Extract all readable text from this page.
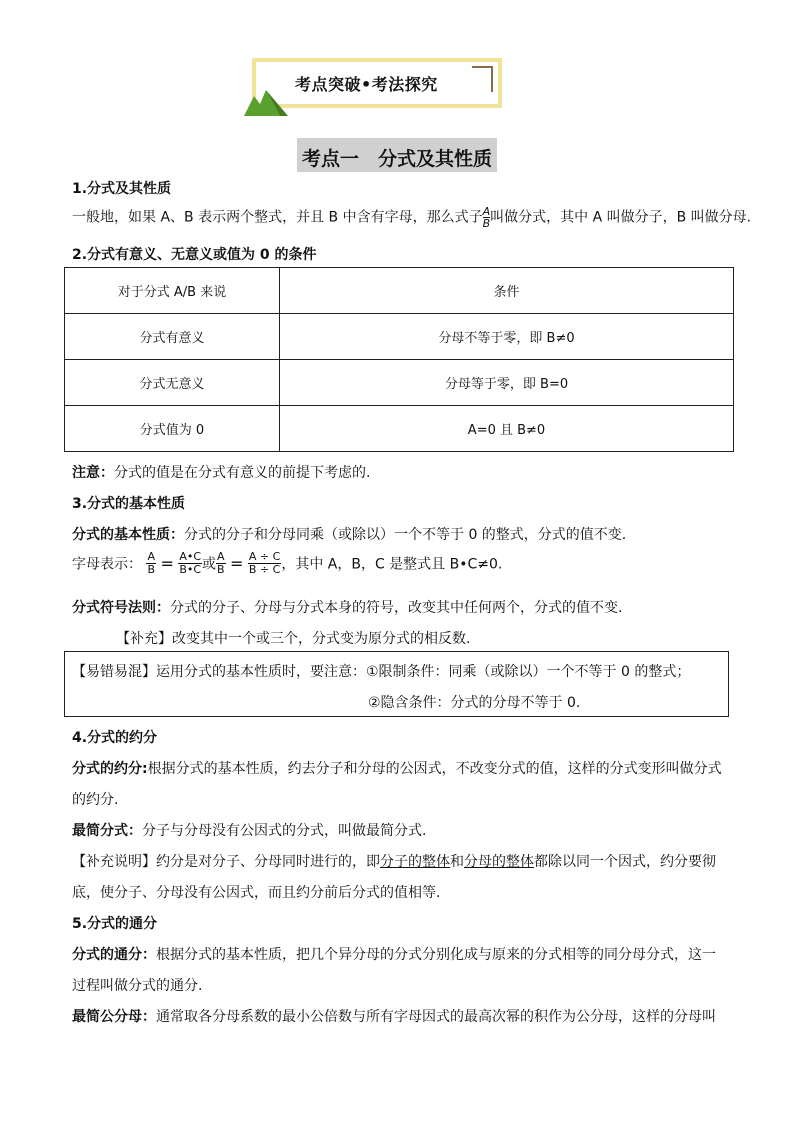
考点突破•考法探究
考点一　分式及其性质
1.分式及其性质
一般地，如果 A、B 表示两个整式，并且 B 中含有字母，那么式子 $\frac{A}{B}$ 叫做分式，其中 A 叫做分子，B 叫做分母.
2.分式有意义、无意义或值为 0 的条件
对于分式 A/B 来说	条件
分式有意义	分母不等于零，即 B≠0
分式无意义	分母等于零，即 B=0
分式值为 0	A=0 且 B≠0
注意：分式的值是在分式有意义的前提下考虑的.
3.分式的基本性质
分式的基本性质：分式的分子和分母同乘（或除以）一个不等于 0 的整式，分式的值不变.
字母表示： $\frac{A}{B} = \frac{A•C}{B•C}$ 或 $\frac{A}{B} = \frac{A \div C}{B \div C}$ ，其中 A，B，C 是整式且 B•C≠0.
分式符号法则：分式的分子、分母与分式本身的符号，改变其中任何两个，分式的值不变.
【补充】改变其中一个或三个，分式变为原分式的相反数.
【易错易混】运用分式的基本性质时，要注意：①限制条件：同乘（或除以）一个不等于 0 的整式；
②隐含条件：分式的分母不等于 0.
4.分式的约分
分式的约分:根据分式的基本性质，约去分子和分母的公因式，不改变分式的值，这样的分式变形叫做分式
的约分.
最简分式：分子与分母没有公因式的分式，叫做最简分式.
【补充说明】约分是对分子、分母同时进行的，即分子的整体和分母的整体都除以同一个因式，约分要彻
底，使分子、分母没有公因式，而且约分前后分式的值相等.
5.分式的通分
分式的通分：根据分式的基本性质，把几个异分母的分式分别化成与原来的分式相等的同分母分式，这一
过程叫做分式的通分.
最简公分母：通常取各分母系数的最小公倍数与所有字母因式的最高次幂的积作为公分母，这样的分母叫
